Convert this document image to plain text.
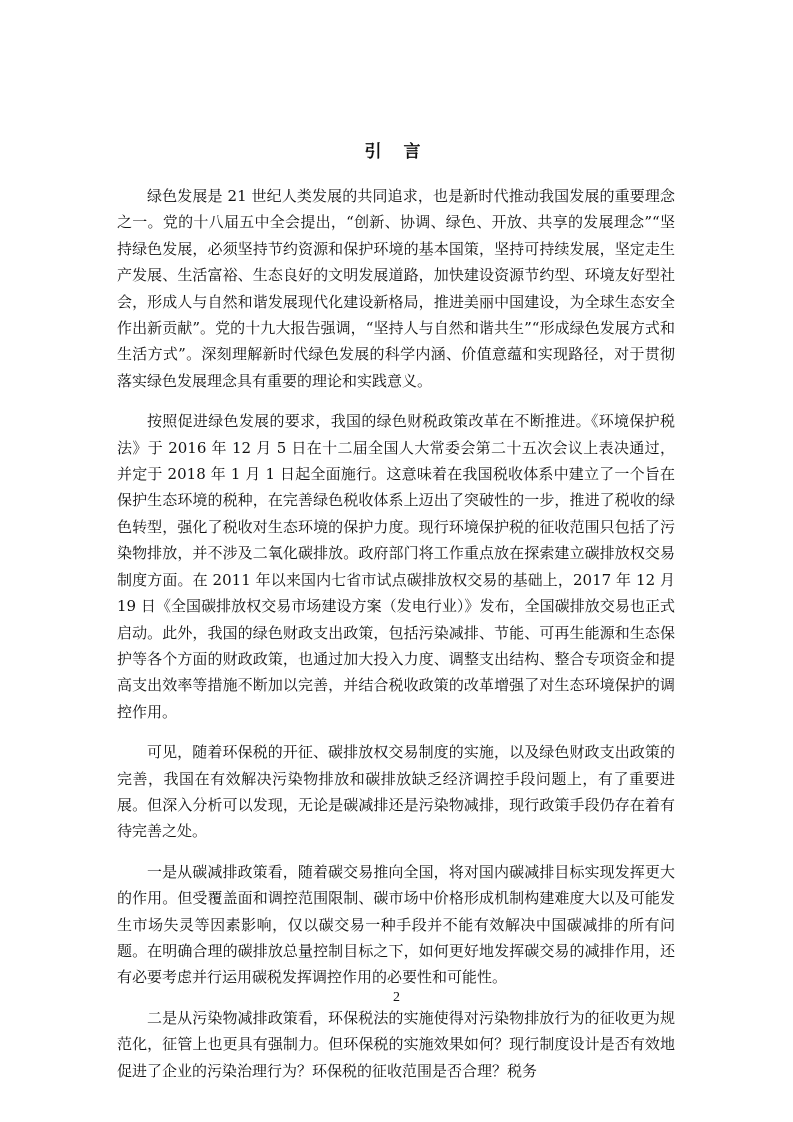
引 言

绿色发展是 21 世纪人类发展的共同追求，也是新时代推动我国发展的重要理念之一。党的十八届五中全会提出，“创新、协调、绿色、开放、共享的发展理念”“坚持绿色发展，必须坚持节约资源和保护环境的基本国策，坚持可持续发展，坚定走生产发展、生活富裕、生态良好的文明发展道路，加快建设资源节约型、环境友好型社会，形成人与自然和谐发展现代化建设新格局，推进美丽中国建设，为全球生态安全作出新贡献”。党的十九大报告强调，“坚持人与自然和谐共生”“形成绿色发展方式和生活方式”。深刻理解新时代绿色发展的科学内涵、价值意蕴和实现路径，对于贯彻落实绿色发展理念具有重要的理论和实践意义。

按照促进绿色发展的要求，我国的绿色财税政策改革在不断推进。《环境保护税法》于 2016 年 12 月 5 日在十二届全国人大常委会第二十五次会议上表决通过，并定于 2018 年 1 月 1 日起全面施行。这意味着在我国税收体系中建立了一个旨在保护生态环境的税种，在完善绿色税收体系上迈出了突破性的一步，推进了税收的绿色转型，强化了税收对生态环境的保护力度。现行环境保护税的征收范围只包括了污染物排放，并不涉及二氧化碳排放。政府部门将工作重点放在探索建立碳排放权交易制度方面。在 2011 年以来国内七省市试点碳排放权交易的基础上，2017 年 12 月 19 日《全国碳排放权交易市场建设方案（发电行业）》发布，全国碳排放交易也正式启动。此外，我国的绿色财政支出政策，包括污染减排、节能、可再生能源和生态保护等各个方面的财政政策，也通过加大投入力度、调整支出结构、整合专项资金和提高支出效率等措施不断加以完善，并结合税收政策的改革增强了对生态环境保护的调控作用。

可见，随着环保税的开征、碳排放权交易制度的实施，以及绿色财政支出政策的完善，我国在有效解决污染物排放和碳排放缺乏经济调控手段问题上，有了重要进展。但深入分析可以发现，无论是碳减排还是污染物减排，现行政策手段仍存在着有待完善之处。

一是从碳减排政策看，随着碳交易推向全国，将对国内碳减排目标实现发挥更大的作用。但受覆盖面和调控范围限制、碳市场中价格形成机制构建难度大以及可能发生市场失灵等因素影响，仅以碳交易一种手段并不能有效解决中国碳减排的所有问题。在明确合理的碳排放总量控制目标之下，如何更好地发挥碳交易的减排作用，还有必要考虑并行运用碳税发挥调控作用的必要性和可能性。

二是从污染物减排政策看，环保税法的实施使得对污染物排放行为的征收更为规范化，征管上也更具有强制力。但环保税的实施效果如何？现行制度设计是否有效地促进了企业的污染治理行为？环保税的征收范围是否合理？税务

2
